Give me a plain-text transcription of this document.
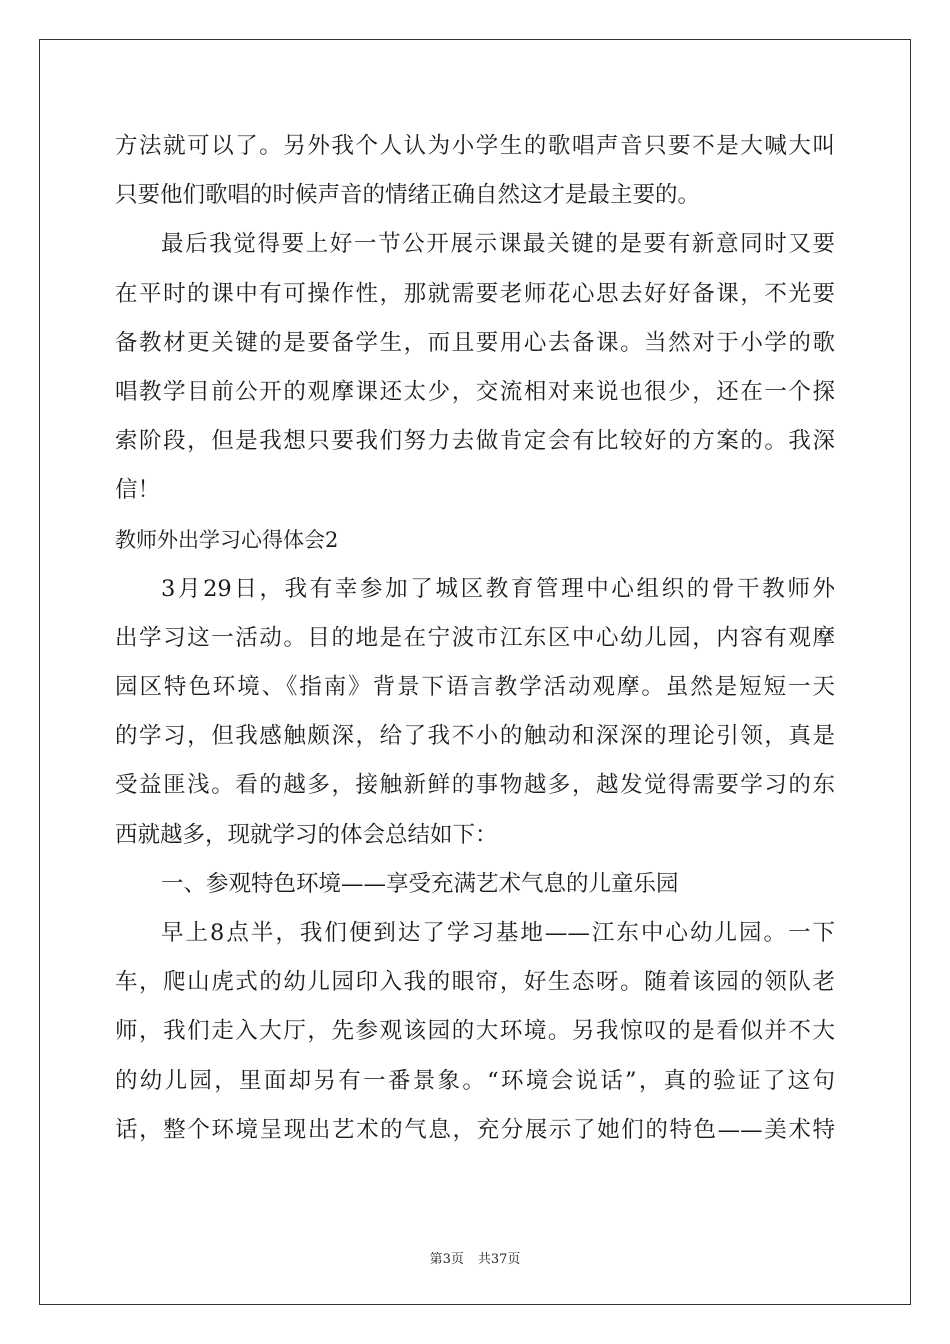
方法就可以了。另外我个人认为小学生的歌唱声音只要不是大喊大叫
只要他们歌唱的时候声音的情绪正确自然这才是最主要的。
最后我觉得要上好一节公开展示课最关键的是要有新意同时又要
在平时的课中有可操作性，那就需要老师花心思去好好备课，不光要
备教材更关键的是要备学生，而且要用心去备课。当然对于小学的歌
唱教学目前公开的观摩课还太少，交流相对来说也很少，还在一个探
索阶段，但是我想只要我们努力去做肯定会有比较好的方案的。我深
信！
教师外出学习心得体会2
3月29日，我有幸参加了城区教育管理中心组织的骨干教师外
出学习这一活动。目的地是在宁波市江东区中心幼儿园，内容有观摩
园区特色环境、《指南》背景下语言教学活动观摩。虽然是短短一天
的学习，但我感触颇深，给了我不小的触动和深深的理论引领，真是
受益匪浅。看的越多，接触新鲜的事物越多，越发觉得需要学习的东
西就越多，现就学习的体会总结如下：
一、参观特色环境——享受充满艺术气息的儿童乐园
早上8点半，我们便到达了学习基地——江东中心幼儿园。一下
车，爬山虎式的幼儿园印入我的眼帘，好生态呀。随着该园的领队老
师，我们走入大厅，先参观该园的大环境。另我惊叹的是看似并不大
的幼儿园，里面却另有一番景象。“环境会说话”，真的验证了这句
话，整个环境呈现出艺术的气息，充分展示了她们的特色——美术特
第3页 共37页
